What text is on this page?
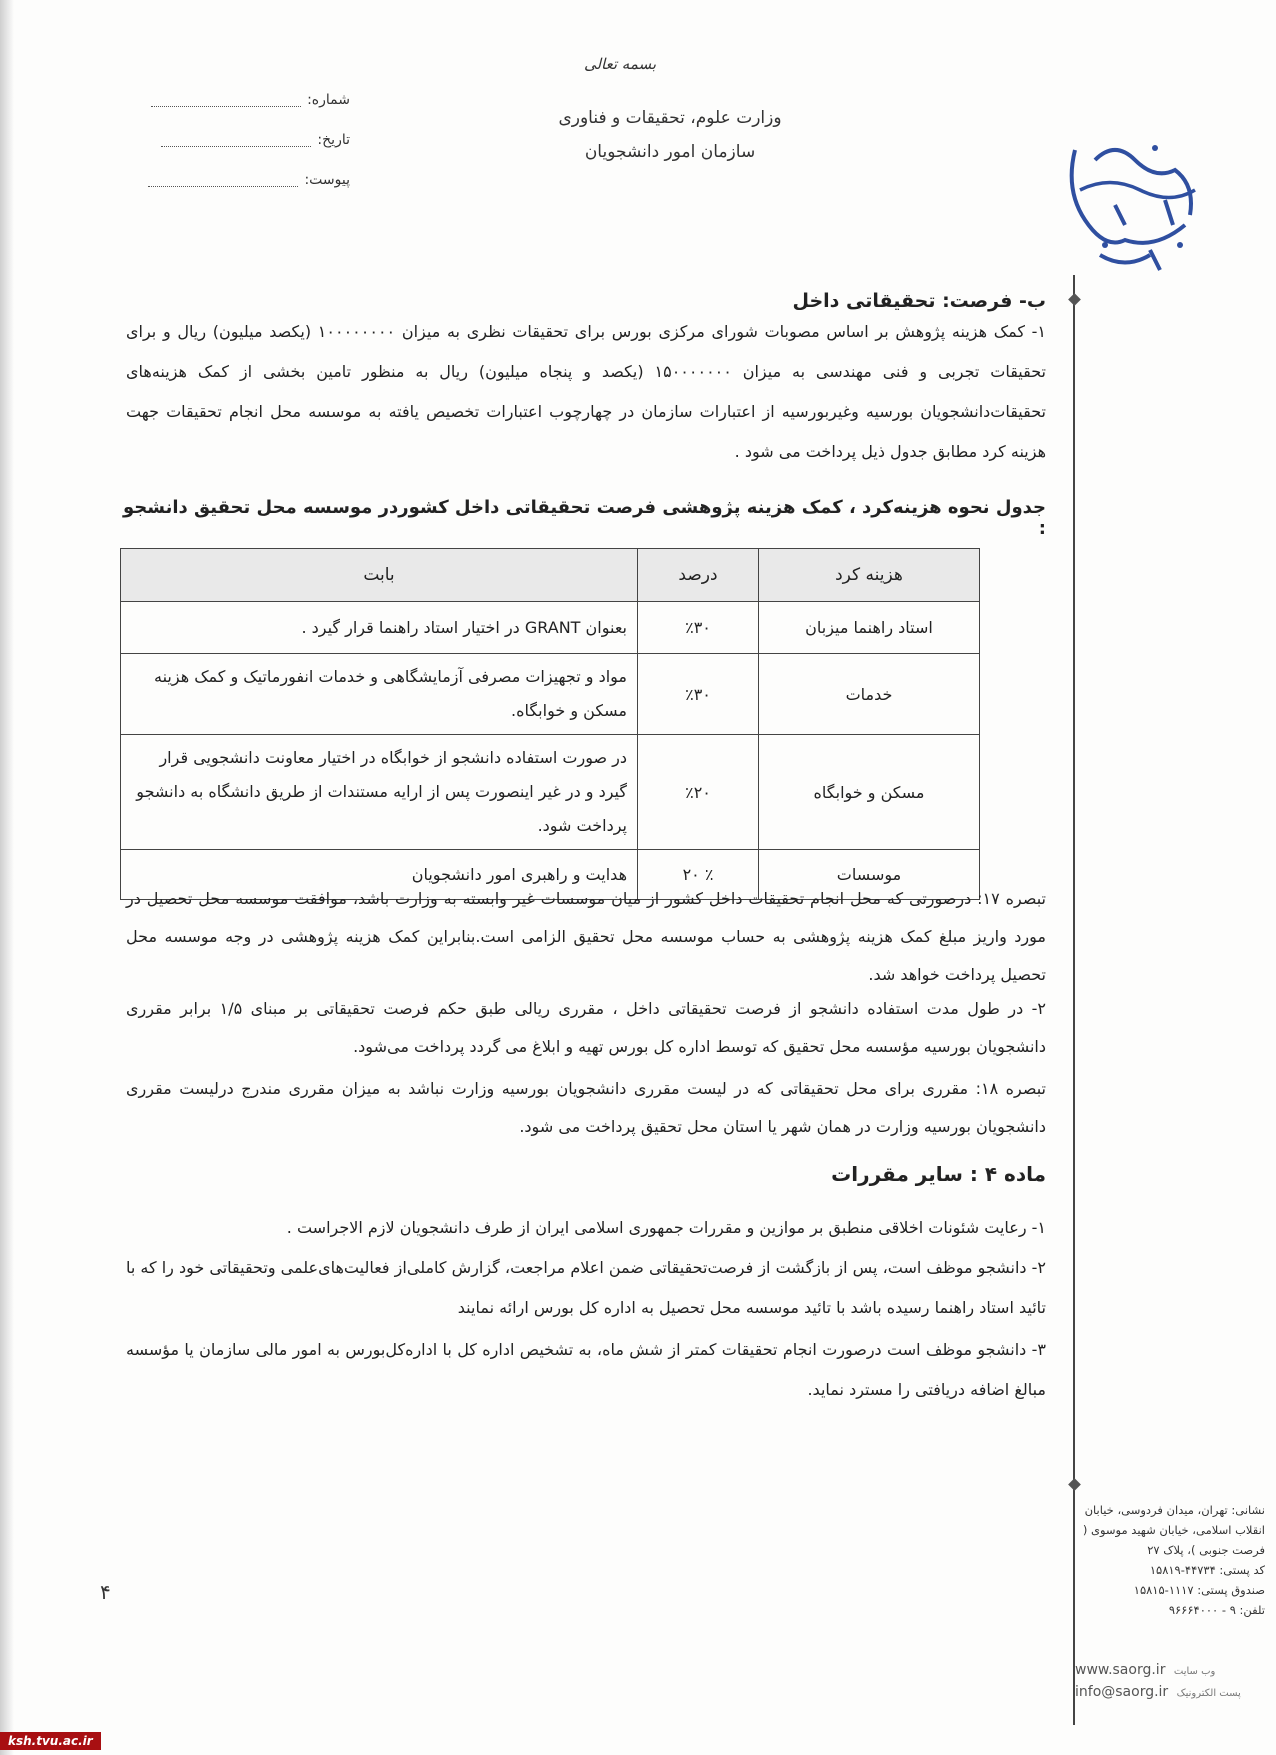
بسمه تعالی
وزارت علوم، تحقیقات و فناوری
سازمان امور دانشجویان
شماره:
تاریخ:
پیوست:
ب- فرصت: تحقیقاتی داخل
۱- کمک هزینه پژوهش بر اساس مصوبات شورای مرکزی بورس برای تحقیقات نظری به میزان ۱۰۰۰۰۰۰۰۰ (یکصد میلیون) ریال و برای تحقیقات تجربی و فنی مهندسی به میزان ۱۵۰۰۰۰۰۰۰ (یکصد و پنجاه میلیون) ریال به منظور تامین بخشی از کمک هزینه‌های تحقیقات‌دانشجویان بورسیه وغیربورسیه از اعتبارات سازمان در چهارچوب اعتبارات تخصیص یافته به موسسه محل انجام تحقیقات جهت هزینه کرد مطابق جدول ذیل پرداخت می شود .
جدول نحوه هزینه‌کرد ، کمک هزینه پژوهشی فرصت تحقیقاتی داخل کشوردر موسسه محل تحقیق دانشجو :
هزینه کرد	درصد	بابت
استاد راهنما میزبان	٪۳۰	بعنوان GRANT در اختیار استاد راهنما قرار گیرد .
خدمات	٪۳۰	مواد و تجهیزات مصرفی آزمایشگاهی و خدمات انفورماتیک و کمک هزینه مسکن و خوابگاه.
مسکن و خوابگاه	٪۲۰	در صورت استفاده دانشجو از خوابگاه در اختیار معاونت دانشجویی قرار گیرد و در غیر اینصورت پس از ارایه مستندات از طریق دانشگاه به دانشجو پرداخت شود.
موسسات	٪ ۲۰	هدایت و راهبری امور دانشجویان
تبصره ۱۷: درصورتی که محل انجام تحقیقات داخل کشور از میان موسسات غیر وابسته به وزارت باشد، موافقت موسسه محل تحصیل در مورد واریز مبلغ کمک هزینه پژوهشی به حساب موسسه محل تحقیق الزامی است.بنابراین کمک هزینه پژوهشی در وجه موسسه محل تحصیل پرداخت خواهد شد.
۲- در طول مدت استفاده دانشجو از فرصت تحقیقاتی داخل ، مقرری ریالی طبق حکم فرصت تحقیقاتی بر مبنای ۱/۵ برابر مقرری دانشجویان بورسیه مؤسسه محل تحقیق که توسط اداره کل بورس تهیه و ابلاغ می گردد پرداخت می‌شود.
تبصره ۱۸: مقرری برای محل تحقیقاتی که در لیست مقرری دانشجویان بورسیه وزارت نباشد به میزان مقرری مندرج درلیست مقرری دانشجویان بورسیه وزارت در همان شهر یا استان محل تحقیق پرداخت می شود.
ماده ۴ : سایر مقررات
۱- رعایت شئونات اخلاقی منطبق بر موازین و مقررات جمهوری اسلامی ایران از طرف دانشجویان لازم الاجراست .
۲- دانشجو موظف است، پس از بازگشت از فرصت‌تحقیقاتی ضمن اعلام مراجعت، گزارش کاملی‌از فعالیت‌های‌علمی وتحقیقاتی خود را که با تائید استاد راهنما رسیده باشد با تائید موسسه محل تحصیل به اداره کل بورس ارائه نمایند
۳- دانشجو موظف است درصورت انجام تحقیقات کمتر از شش ماه، به تشخیص اداره کل با اداره‌کل‌بورس به امور مالی سازمان یا مؤسسه مبالغ اضافه دریافتی را مسترد نماید.
۴
نشانی: تهران، میدان فردوسی، خیابان انقلاب اسلامی، خیابان شهید موسوی ( فرصت جنوبی )، پلاک ۲۷
کد پستی: ۴۴۷۳۴-۱۵۸۱۹
صندوق پستی: ۱۱۱۷-۱۵۸۱۵
تلفن: ۹ - ۹۶۶۶۴۰۰۰
www.saorg.ir وب سایت
info@saorg.ir پست الکترونیک
ksh.tvu.ac.ir
